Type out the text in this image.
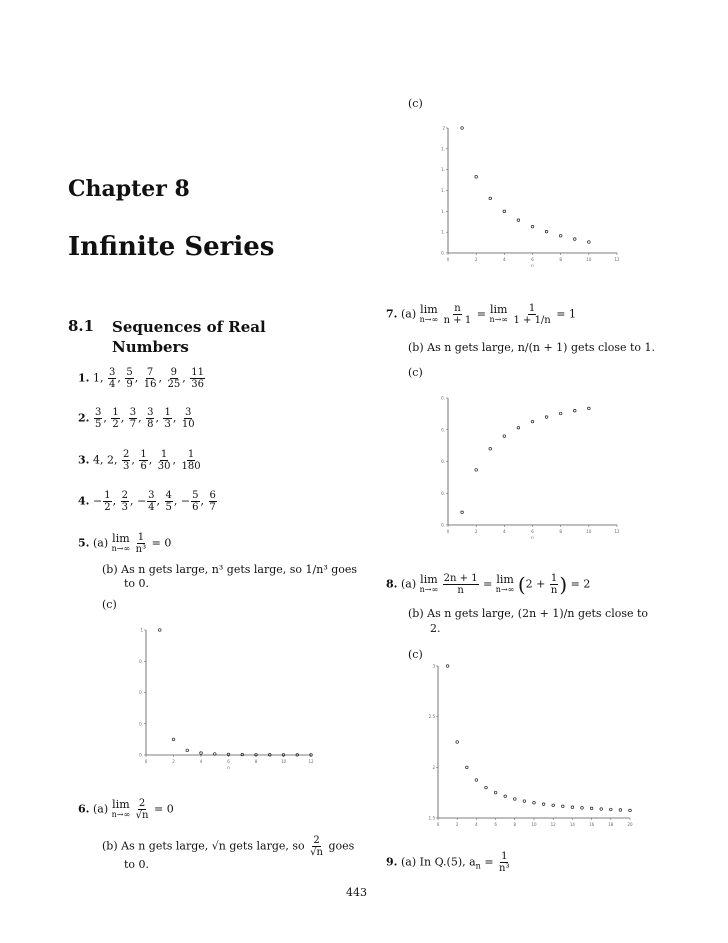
Chapter 8
Infinite Series
8.1 Sequences of Real Numbers
1. 1, $\frac{3}{4}$ , $\frac{5}{9}$ , $\frac{7}{16}$ , $\frac{9}{25}$ , $\frac{11}{36}$
2. $\frac{3}{5}$ , $\frac{1}{2}$ , $\frac{3}{7}$ , $\frac{3}{8}$ , $\frac{1}{3}$ , $\frac{3}{10}$
3. 4, 2, $\frac{2}{3}$ , $\frac{1}{6}$ , $\frac{1}{30}$ , $\frac{1}{180}$
4. − $\frac{1}{2}$ , $\frac{2}{3}$ , − $\frac{3}{4}$ , $\frac{4}{5}$ , − $\frac{5}{6}$ , $\frac{6}{7}$
5. (a) lim
n→∞
$\frac{1}{\text{n³}} = 0$
(b) As n gets large, n³ gets large, so 1/n³ goes
to 0.
(c)
0	2	4	6	8	10	12
1
0.
0.
0.
0.
n
6. (a) lim
n→∞
$\frac{2}{√n} = 0$
(b) As n gets large, √n gets large, so $\frac{2}{√n}$ goes
to 0.
(c)
0	2	4	6	8	10	12
2
1.
1.
1.
1.
1.
0.
n
7. (a) lim
n→∞
$\frac{n}{n + 1} = \lim$
n→∞
$\frac{1}{1 + 1/n} = 1$
(b) As n gets large, n/(n + 1) gets close to 1.
(c)
0	2	4	6	8	10	12
0.
0.
0.
0.
0.
n
8. (a) lim
n→∞
$\frac{2n + 1}{n} = \lim$
n→∞ ($2 + \frac{1}{n}$ ) = 2
(b) As n gets large, (2n + 1)/n gets close to
2.
(c)
0	2	4	6	8	10	12	14	16	18	20
3
2.5
2
1.5
9. (a) In Q.(5), $a_n = \frac{1}{\text{n³}}$
443
